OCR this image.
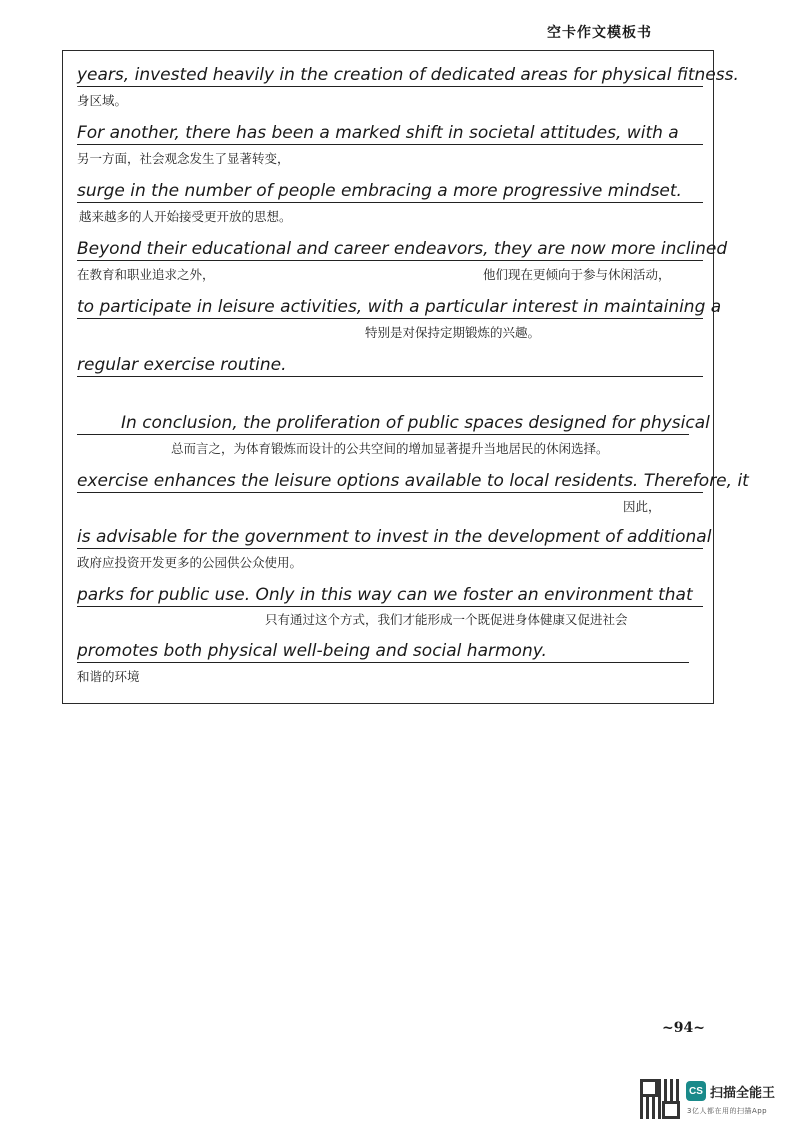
空卡作文模板书
years, invested heavily in the creation of dedicated areas for physical fitness.
身区域。
For another, there has been a marked shift in societal attitudes, with a
另一方面，社会观念发生了显著转变，
surge in the number of people embracing a more progressive mindset.
越来越多的人开始接受更开放的思想。
Beyond their educational and career endeavors, they are now more inclined
在教育和职业追求之外，	他们现在更倾向于参与休闲活动，
to participate in leisure activities, with a particular interest in maintaining a
特别是对保持定期锻炼的兴趣。
regular exercise routine.
In conclusion, the proliferation of public spaces designed for physical
总而言之，为体育锻炼而设计的公共空间的增加显著提升当地居民的休闲选择。
exercise enhances the leisure options available to local residents. Therefore, it
因此，
is advisable for the government to invest in the development of additional
政府应投资开发更多的公园供公众使用。
parks for public use. Only in this way can we foster an environment that
只有通过这个方式，我们才能形成一个既促进身体健康又促进社会
promotes both physical well-being and social harmony.
和谐的环境
~94~
CS 扫描全能王
3亿人都在用的扫描App
